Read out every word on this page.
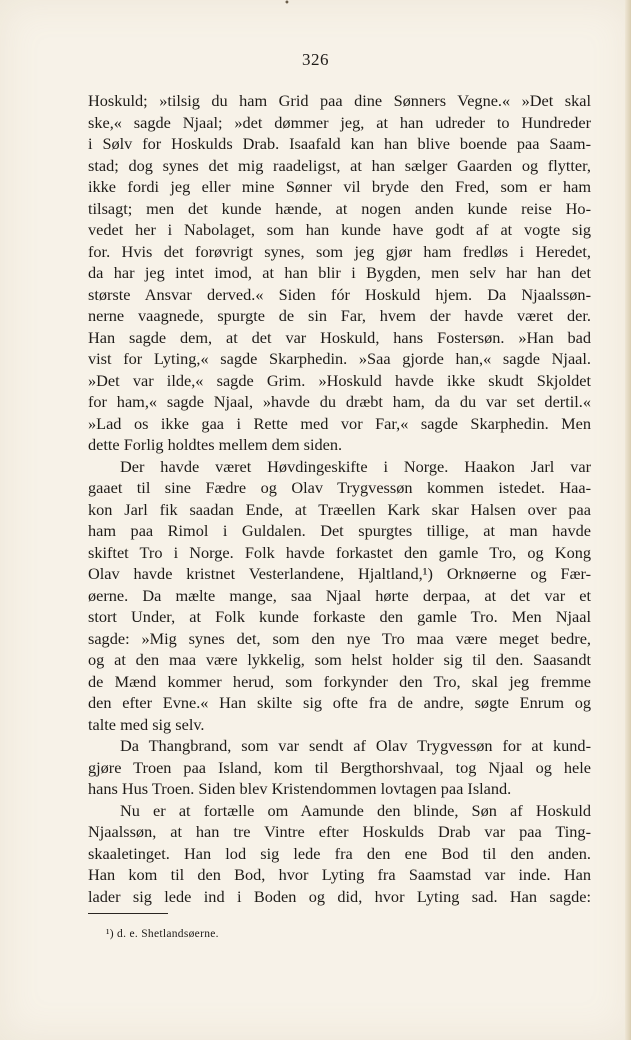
•
326
Hoskuld; »tilsig du ham Grid paa dine Sønners Vegne.« »Det skal
ske,« sagde Njaal; »det dømmer jeg, at han udreder to Hundreder
i Sølv for Hoskulds Drab. Isaafald kan han blive boende paa Saam-
stad; dog synes det mig raadeligst, at han sælger Gaarden og flytter,
ikke fordi jeg eller mine Sønner vil bryde den Fred, som er ham
tilsagt; men det kunde hænde, at nogen anden kunde reise Ho-
vedet her i Nabolaget, som han kunde have godt af at vogte sig
for. Hvis det forøvrigt synes, som jeg gjør ham fredløs i Heredet,
da har jeg intet imod, at han blir i Bygden, men selv har han det
største Ansvar derved.« Siden fór Hoskuld hjem. Da Njaalssøn-
nerne vaagnede, spurgte de sin Far, hvem der havde været der.
Han sagde dem, at det var Hoskuld, hans Fostersøn. »Han bad
vist for Lyting,« sagde Skarphedin. »Saa gjorde han,« sagde Njaal.
»Det var ilde,« sagde Grim. »Hoskuld havde ikke skudt Skjoldet
for ham,« sagde Njaal, »havde du dræbt ham, da du var set dertil.«
»Lad os ikke gaa i Rette med vor Far,« sagde Skarphedin. Men
dette Forlig holdtes mellem dem siden.
Der havde været Høvdingeskifte i Norge. Haakon Jarl var
gaaet til sine Fædre og Olav Trygvessøn kommen istedet. Haa-
kon Jarl fik saadan Ende, at Træellen Kark skar Halsen over paa
ham paa Rimol i Guldalen. Det spurgtes tillige, at man havde
skiftet Tro i Norge. Folk havde forkastet den gamle Tro, og Kong
Olav havde kristnet Vesterlandene, Hjaltland,¹) Orknøerne og Fær-
øerne. Da mælte mange, saa Njaal hørte derpaa, at det var et
stort Under, at Folk kunde forkaste den gamle Tro. Men Njaal
sagde: »Mig synes det, som den nye Tro maa være meget bedre,
og at den maa være lykkelig, som helst holder sig til den. Saasandt
de Mænd kommer herud, som forkynder den Tro, skal jeg fremme
den efter Evne.« Han skilte sig ofte fra de andre, søgte Enrum og
talte med sig selv.
Da Thangbrand, som var sendt af Olav Trygvessøn for at kund-
gjøre Troen paa Island, kom til Bergthorshvaal, tog Njaal og hele
hans Hus Troen. Siden blev Kristendommen lovtagen paa Island.
Nu er at fortælle om Aamunde den blinde, Søn af Hoskuld
Njaalssøn, at han tre Vintre efter Hoskulds Drab var paa Ting-
skaaletinget. Han lod sig lede fra den ene Bod til den anden.
Han kom til den Bod, hvor Lyting fra Saamstad var inde. Han
lader sig lede ind i Boden og did, hvor Lyting sad. Han sagde:
¹) d. e. Shetlandsøerne.
